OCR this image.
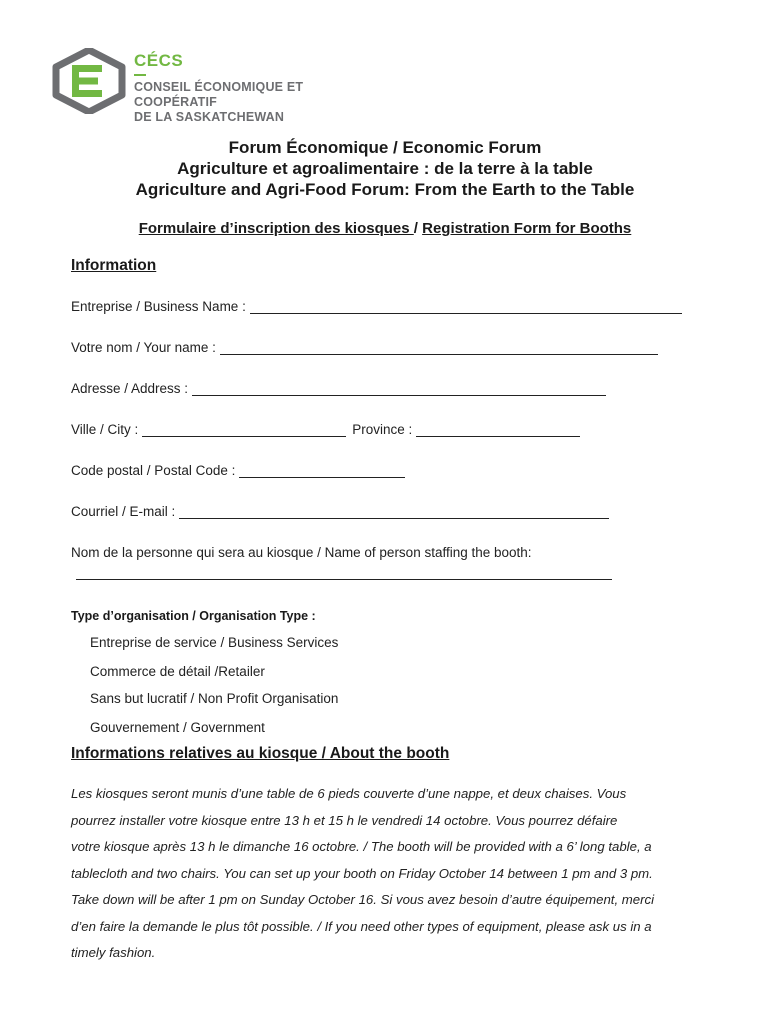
CÉCS
CONSEIL ÉCONOMIQUE ET COOPÉRATIF
DE LA SASKATCHEWAN
Forum Économique / Economic Forum
Agriculture et agroalimentaire : de la terre à la table
Agriculture and Agri-Food Forum: From the Earth to the Table
Formulaire d’inscription des kiosques / Registration Form for Booths
Information
Entreprise / Business Name :
Votre nom / Your name :
Adresse / Address :
Ville / City :	Province :
Code postal / Postal Code :
Courriel / E-mail :
Nom de la personne qui sera au kiosque / Name of person staffing the booth:
Type d’organisation / Organisation Type :
Entreprise de service / Business Services
Commerce de détail /Retailer
Sans but lucratif / Non Profit Organisation
Gouvernement / Government
Informations relatives au kiosque / About the booth
Les kiosques seront munis d’une table de 6 pieds couverte d’une nappe, et deux chaises. Vous
pourrez installer votre kiosque entre 13 h et 15 h le vendredi 14 octobre. Vous pourrez défaire
votre kiosque après 13 h le dimanche 16 octobre. / The booth will be provided with a 6’ long table, a
tablecloth and two chairs. You can set up your booth on Friday October 14 between 1 pm and 3 pm.
Take down will be after 1 pm on Sunday October 16. Si vous avez besoin d’autre équipement, merci
d’en faire la demande le plus tôt possible. / If you need other types of equipment, please ask us in a
timely fashion.
